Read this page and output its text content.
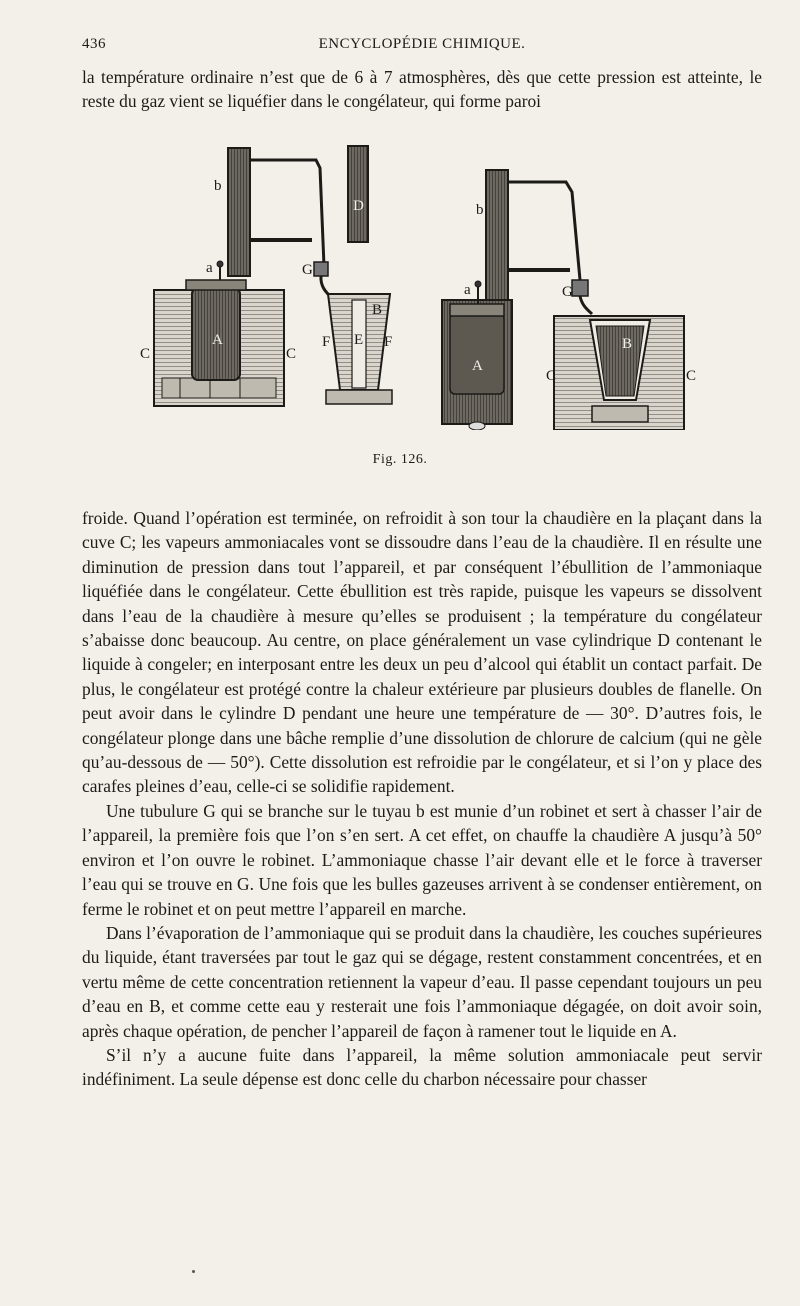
436	ENCYCLOPÉDIE CHIMIQUE.

la température ordinaire n’est que de 6 à 7 atmosphères, dès que cette pression est atteinte, le reste du gaz vient se liquéfier dans le congélateur, qui forme paroi

b
a
A
C	C
G
D
B
E
F	F
b
a
A
G
B
C	C
Fig. 126.

froide. Quand l’opération est terminée, on refroidit à son tour la chaudière en la plaçant dans la cuve C; les vapeurs ammoniacales vont se dissoudre dans l’eau de la chaudière. Il en résulte une diminution de pression dans tout l’appareil, et par conséquent l’ébullition de l’ammoniaque liquéfiée dans le congélateur. Cette ébullition est très rapide, puisque les vapeurs se dissolvent dans l’eau de la chaudière à mesure qu’elles se produisent ; la température du congélateur s’abaisse donc beaucoup. Au centre, on place généralement un vase cylindrique D contenant le liquide à congeler; en interposant entre les deux un peu d’alcool qui établit un contact parfait. De plus, le congélateur est protégé contre la chaleur extérieure par plusieurs doubles de flanelle. On peut avoir dans le cylindre D pendant une heure une température de — 30°. D’autres fois, le congélateur plonge dans une bâche remplie d’une dissolution de chlorure de calcium (qui ne gèle qu’au-dessous de — 50°). Cette dissolution est refroidie par le congélateur, et si l’on y place des carafes pleines d’eau, celle-ci se solidifie rapidement.

Une tubulure G qui se branche sur le tuyau b est munie d’un robinet et sert à chasser l’air de l’appareil, la première fois que l’on s’en sert. A cet effet, on chauffe la chaudière A jusqu’à 50° environ et l’on ouvre le robinet. L’ammoniaque chasse l’air devant elle et le force à traverser l’eau qui se trouve en G. Une fois que les bulles gazeuses arrivent à se condenser entièrement, on ferme le robinet et on peut mettre l’appareil en marche.

Dans l’évaporation de l’ammoniaque qui se produit dans la chaudière, les couches supérieures du liquide, étant traversées par tout le gaz qui se dégage, restent constamment concentrées, et en vertu même de cette concentration retiennent la vapeur d’eau. Il passe cependant toujours un peu d’eau en B, et comme cette eau y resterait une fois l’ammoniaque dégagée, on doit avoir soin, après chaque opération, de pencher l’appareil de façon à ramener tout le liquide en A.

S’il n’y a aucune fuite dans l’appareil, la même solution ammoniacale peut servir indéfiniment. La seule dépense est donc celle du charbon nécessaire pour chasser
